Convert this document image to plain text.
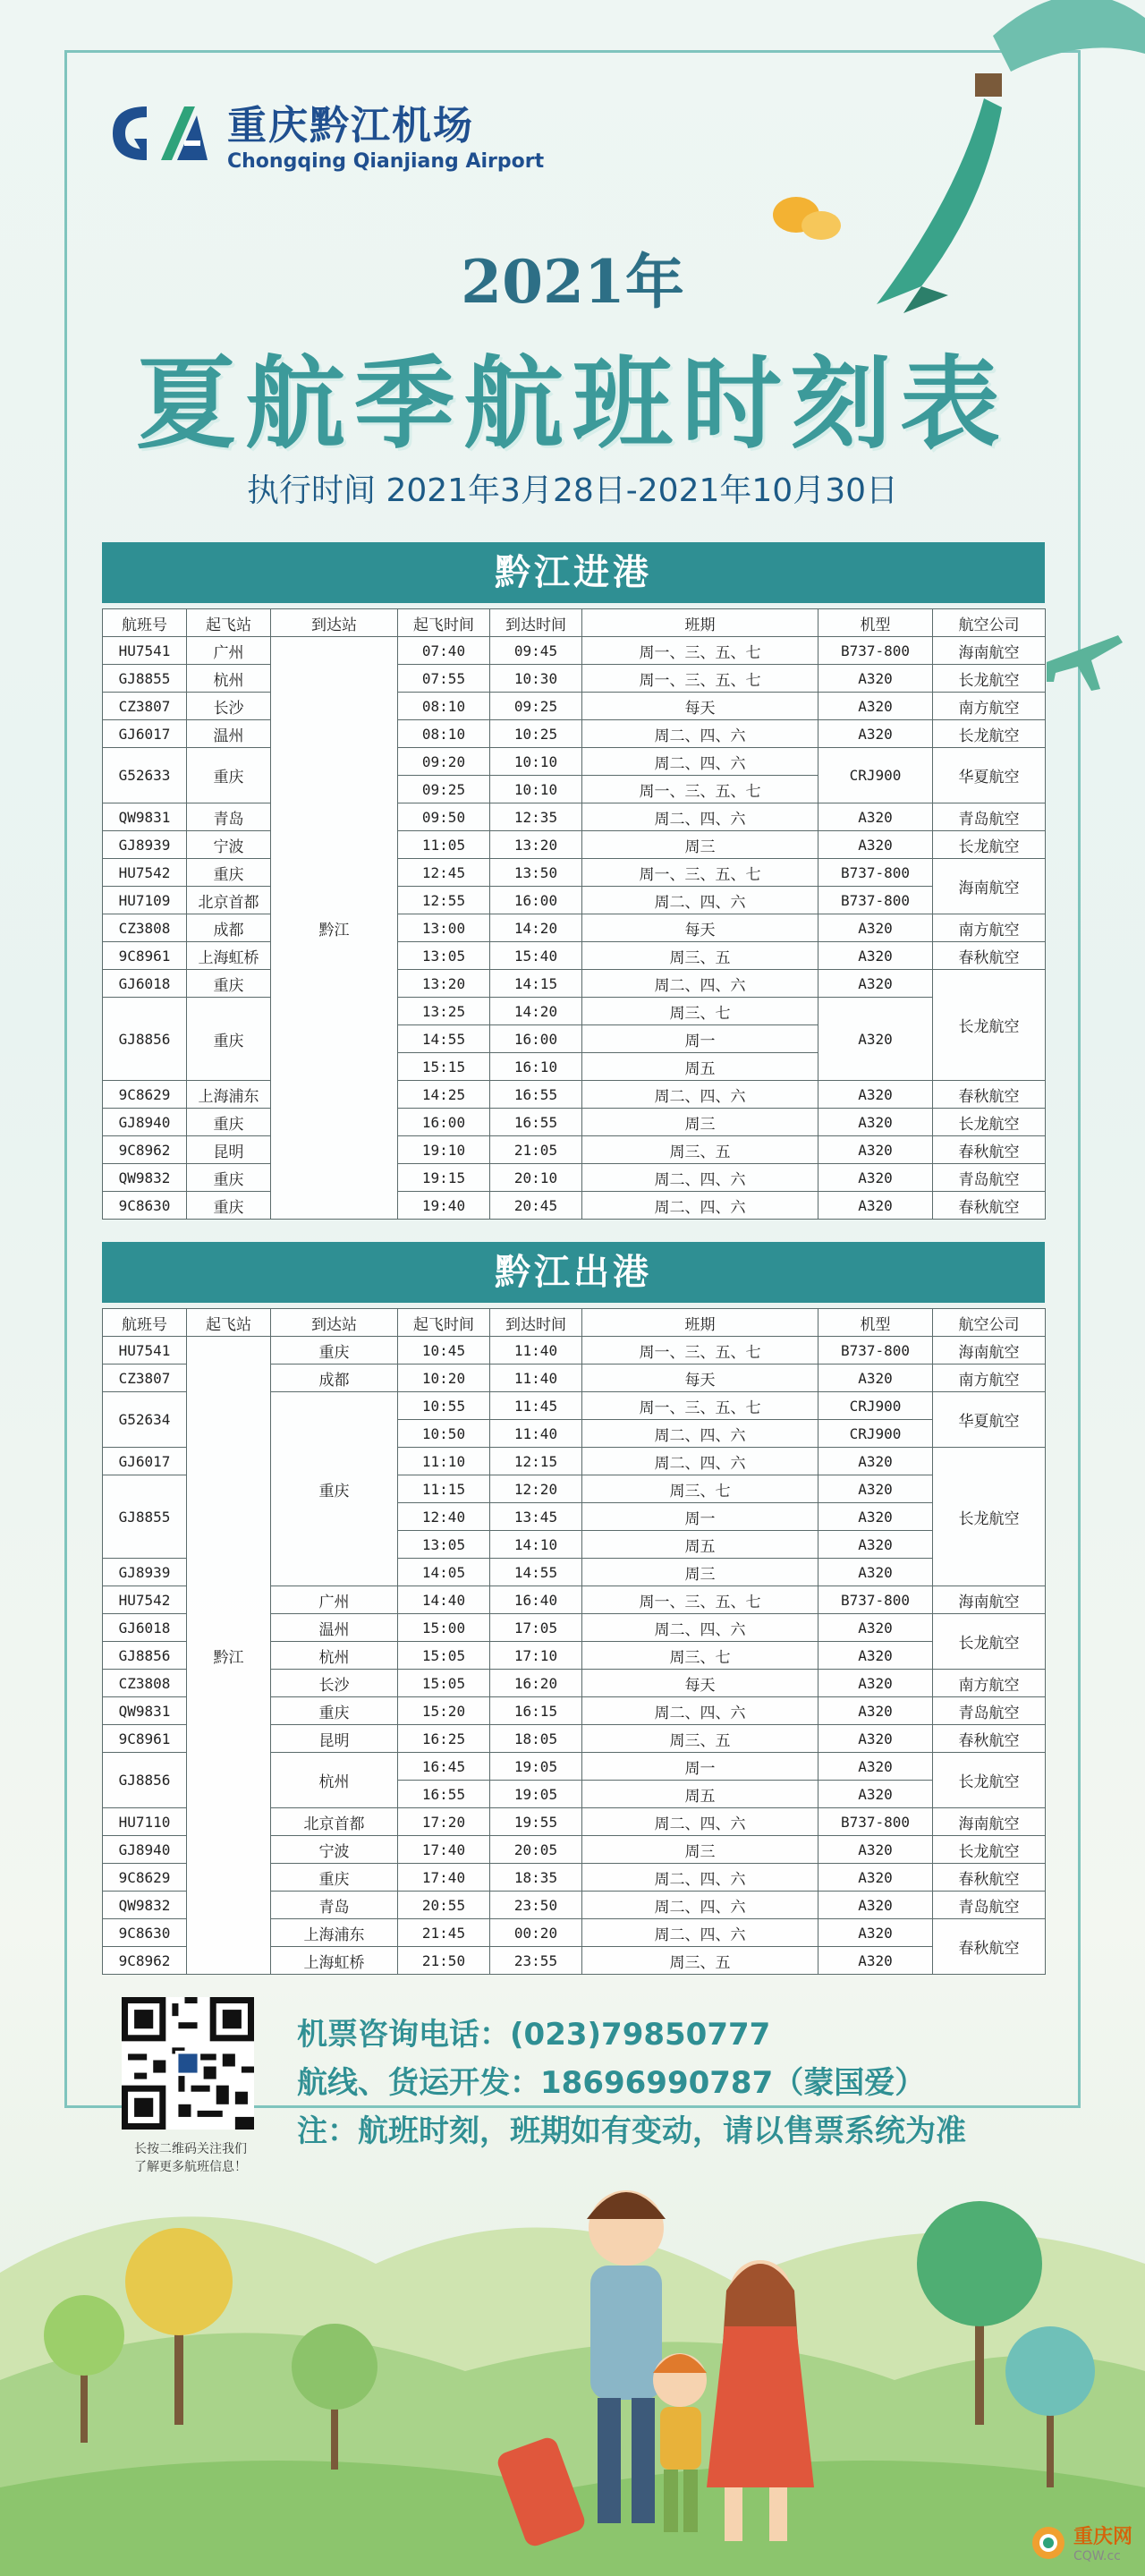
重庆黔江机场
Chongqing Qianjiang Airport
2021年
夏航季航班时刻表
执行时间 2021年3月28日-2021年10月30日
黔江进港
航班号	起飞站	到达站	起飞时间	到达时间	班期	机型	航空公司
HU7541	广州	黔江	07:40	09:45	周一、三、五、七	B737-800	海南航空
GJ8855	杭州		07:55	10:30	周一、三、五、七	A320	长龙航空
CZ3807	长沙		08:10	09:25	每天	A320	南方航空
GJ6017	温州		08:10	10:25	周二、四、六	A320	长龙航空
G52633	重庆		09:20	10:10	周二、四、六	CRJ900	华夏航空
			09:25	10:10	周一、三、五、七		
QW9831	青岛		09:50	12:35	周二、四、六	A320	青岛航空
GJ8939	宁波		11:05	13:20	周三	A320	长龙航空
HU7542	重庆		12:45	13:50	周一、三、五、七	B737-800	海南航空
HU7109	北京首都		12:55	16:00	周二、四、六	B737-800	
CZ3808	成都		13:00	14:20	每天	A320	南方航空
9C8961	上海虹桥		13:05	15:40	周三、五	A320	春秋航空
GJ6018	重庆		13:20	14:15	周二、四、六	A320	长龙航空
GJ8856	重庆		13:25	14:20	周三、七	A320	
			14:55	16:00	周一		
			15:15	16:10	周五		
9C8629	上海浦东		14:25	16:55	周二、四、六	A320	春秋航空
GJ8940	重庆		16:00	16:55	周三	A320	长龙航空
9C8962	昆明		19:10	21:05	周三、五	A320	春秋航空
QW9832	重庆		19:15	20:10	周二、四、六	A320	青岛航空
9C8630	重庆		19:40	20:45	周二、四、六	A320	春秋航空
黔江出港
航班号	起飞站	到达站	起飞时间	到达时间	班期	机型	航空公司
HU7541	黔江	重庆	10:45	11:40	周一、三、五、七	B737-800	海南航空
CZ3807		成都	10:20	11:40	每天	A320	南方航空
G52634		重庆	10:55	11:45	周一、三、五、七	CRJ900	华夏航空
			10:50	11:40	周二、四、六	CRJ900	
GJ6017			11:10	12:15	周二、四、六	A320	长龙航空
GJ8855			11:15	12:20	周三、七	A320	
			12:40	13:45	周一	A320	
			13:05	14:10	周五	A320	
GJ8939			14:05	14:55	周三	A320	
HU7542		广州	14:40	16:40	周一、三、五、七	B737-800	海南航空
GJ6018		温州	15:00	17:05	周二、四、六	A320	长龙航空
GJ8856		杭州	15:05	17:10	周三、七	A320	
CZ3808		长沙	15:05	16:20	每天	A320	南方航空
QW9831		重庆	15:20	16:15	周二、四、六	A320	青岛航空
9C8961		昆明	16:25	18:05	周三、五	A320	春秋航空
GJ8856		杭州	16:45	19:05	周一	A320	长龙航空
			16:55	19:05	周五	A320	
HU7110		北京首都	17:20	19:55	周二、四、六	B737-800	海南航空
GJ8940		宁波	17:40	20:05	周三	A320	长龙航空
9C8629		重庆	17:40	18:35	周二、四、六	A320	春秋航空
QW9832		青岛	20:55	23:50	周二、四、六	A320	青岛航空
9C8630		上海浦东	21:45	00:20	周二、四、六	A320	春秋航空
9C8962		上海虹桥	21:50	23:55	周三、五	A320	
长按二维码关注我们
了解更多航班信息！
机票咨询电话：(023)79850777
航线、货运开发：18696990787（蒙国爱）
注：航班时刻，班期如有变动，请以售票系统为准
重庆网
CQW.cc
